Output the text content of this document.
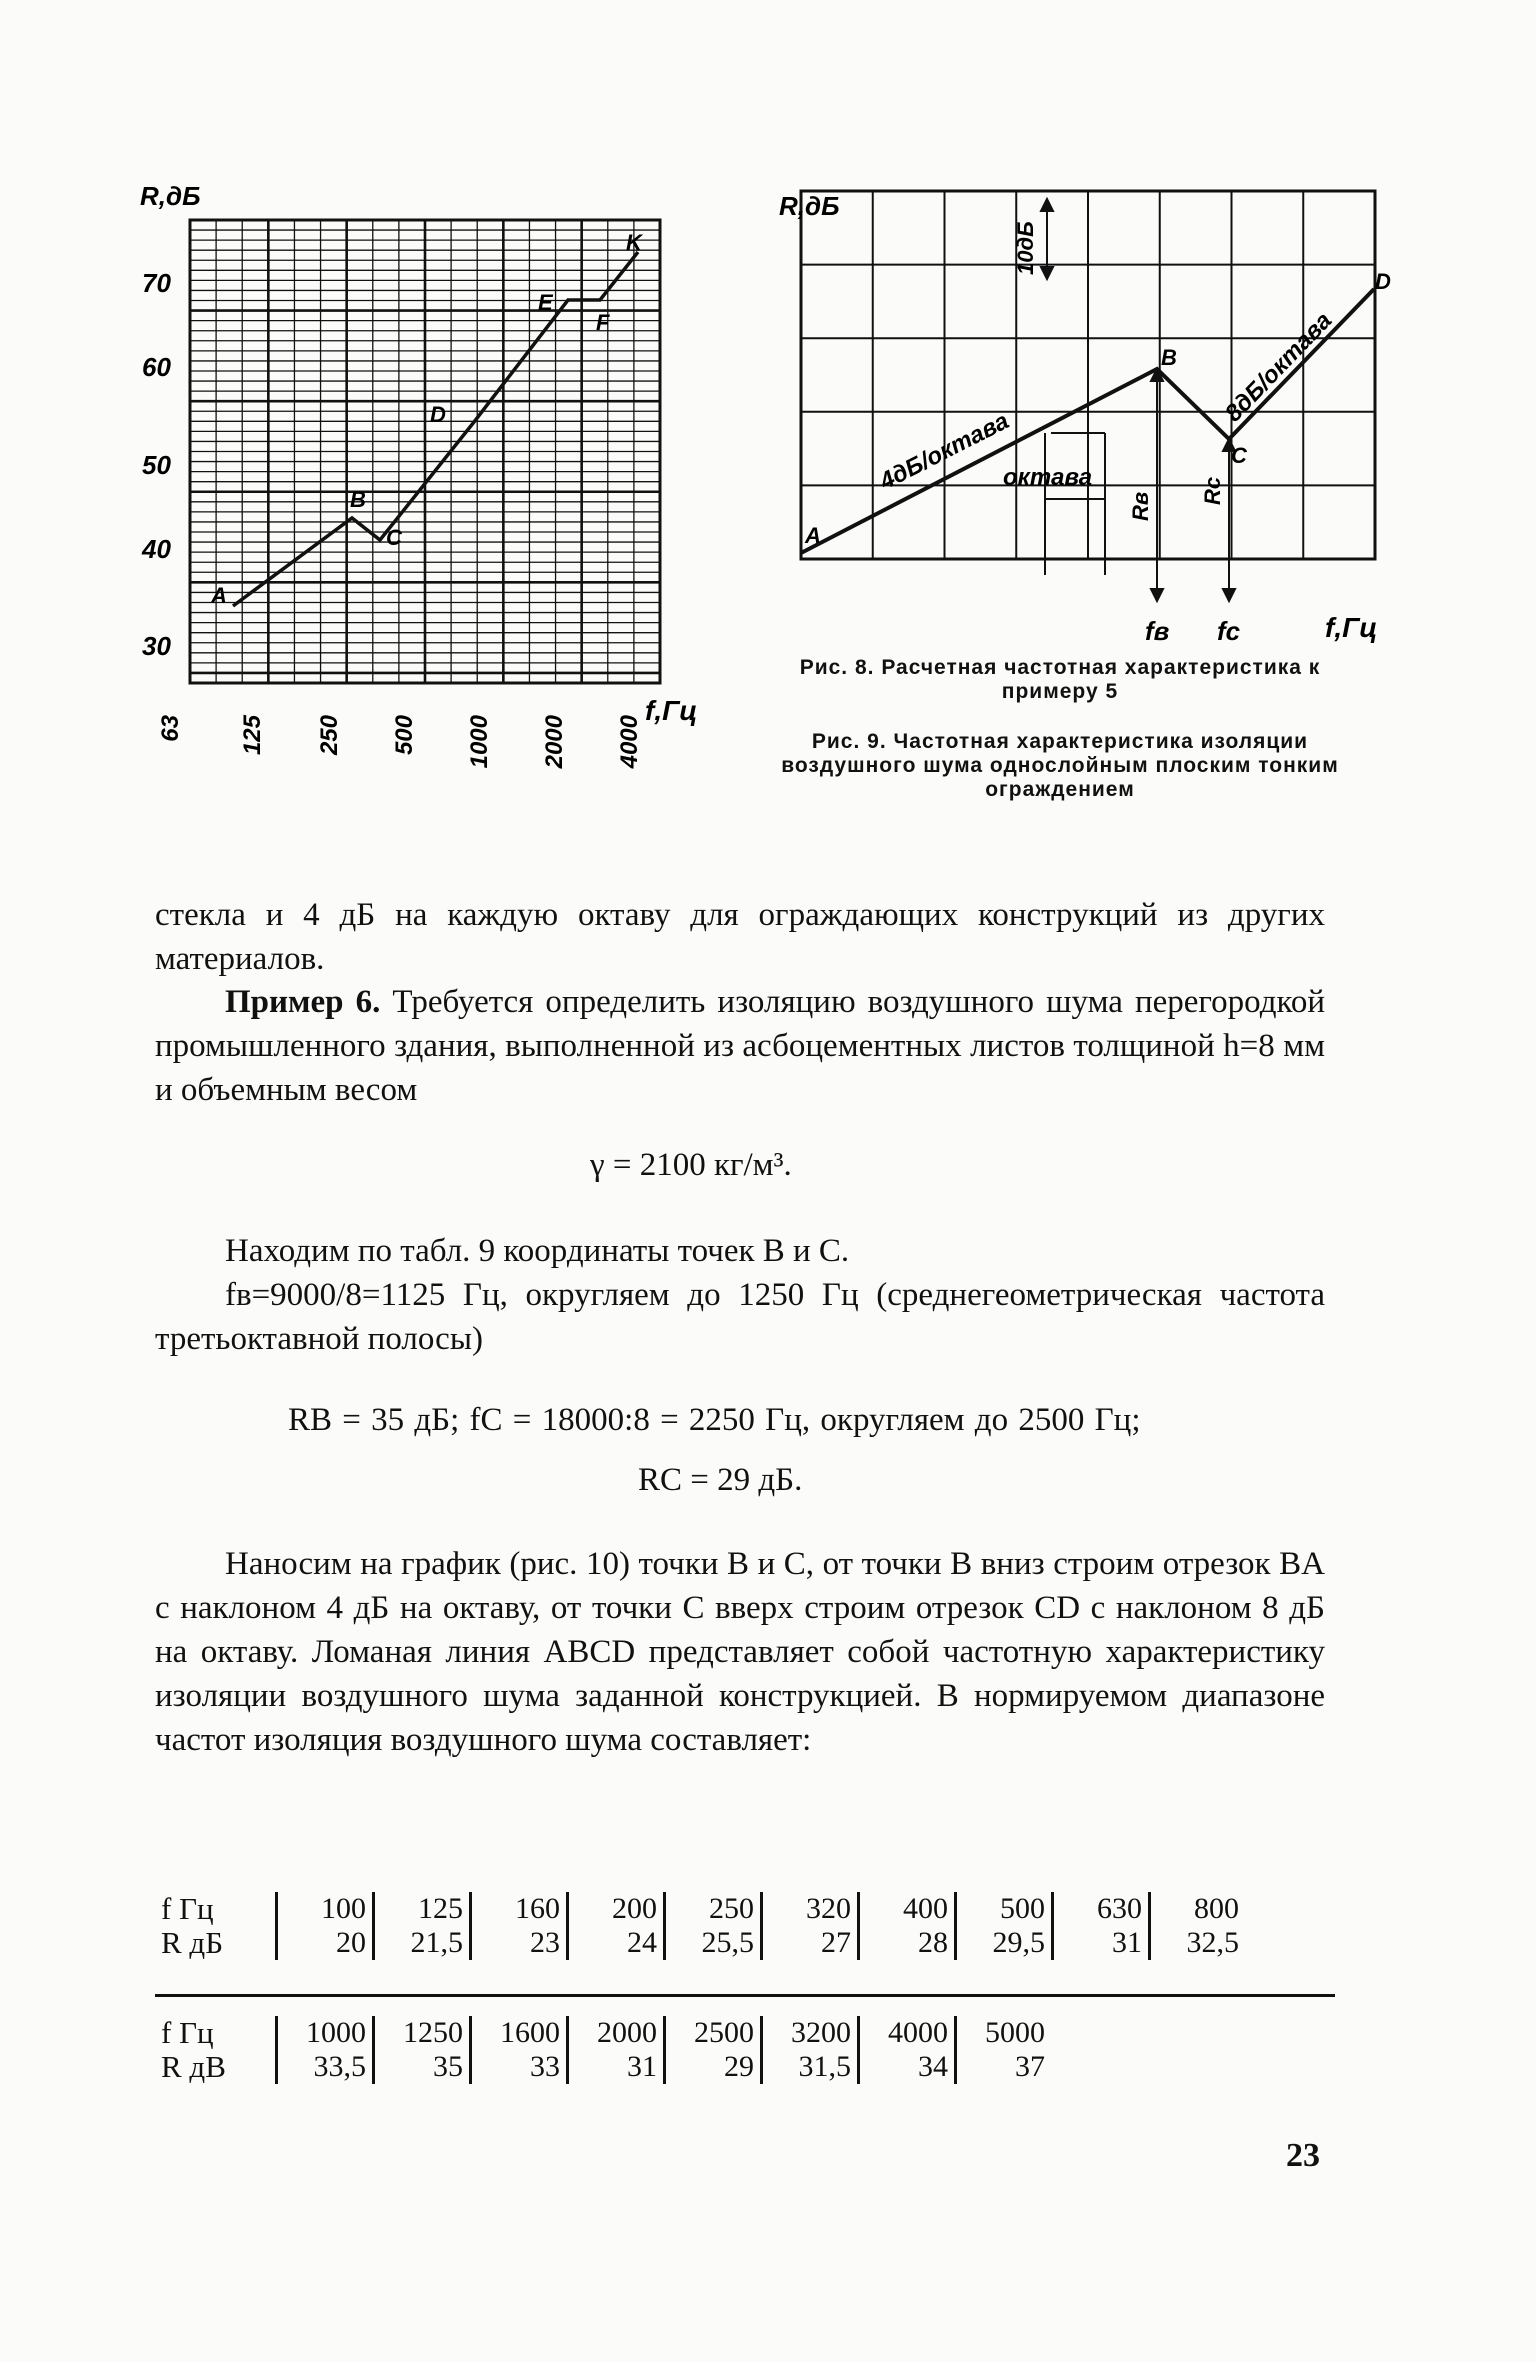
R,дБ
70
60
50
40
30
63 125 250 500 1000 2000 4000
f,Гц
A
B
C
D
E
F
K
R,дБ
f,Гц
fв fс
10дБ
4дБ/октава
октава
8дБ/октава
Rв
Rс
A
B
C
D
Рис. 8. Расчетная частотная характеристика к примеру 5
Рис. 9. Частотная характеристика изоляции воздушного шума однослойным плоским тонким ограждением

стекла и 4 дБ на каждую октаву для ограждающих конструкций из других материалов.

Пример 6. Требуется определить изоляцию воздушного шума перегородкой промышленного здания, выполненной из асбоцементных листов толщиной h=8 мм и объемным весом

γ = 2100 кг/м³.

Находим по табл. 9 координаты точек B и C.

fв=9000/8=1125 Гц, округляем до 1250 Гц (среднегеометрическая частота третьоктавной полосы)

RB = 35 дБ; fC = 18000:8 = 2250 Гц, округляем до 2500 Гц;

RC = 29 дБ.

Наносим на график (рис. 10) точки B и C, от точки B вниз строим отрезок BA с наклоном 4 дБ на октаву, от точки C вверх строим отрезок CD с наклоном 8 дБ на октаву. Ломаная линия ABCD представляет собой частотную характеристику изоляции воздушного шума заданной конструкцией. В нормируемом диапазоне частот изоляция воздушного шума составляет:

f Гц	100	125	160	200	250	320	400	500	630	800
R дБ	20	21,5	23	24	25,5	27	28	29,5	31	32,5
f Гц	1000	1250	1600	2000	2500	3200	4000	5000
R дВ	33,5	35	33	31	29	31,5	34	37
23
